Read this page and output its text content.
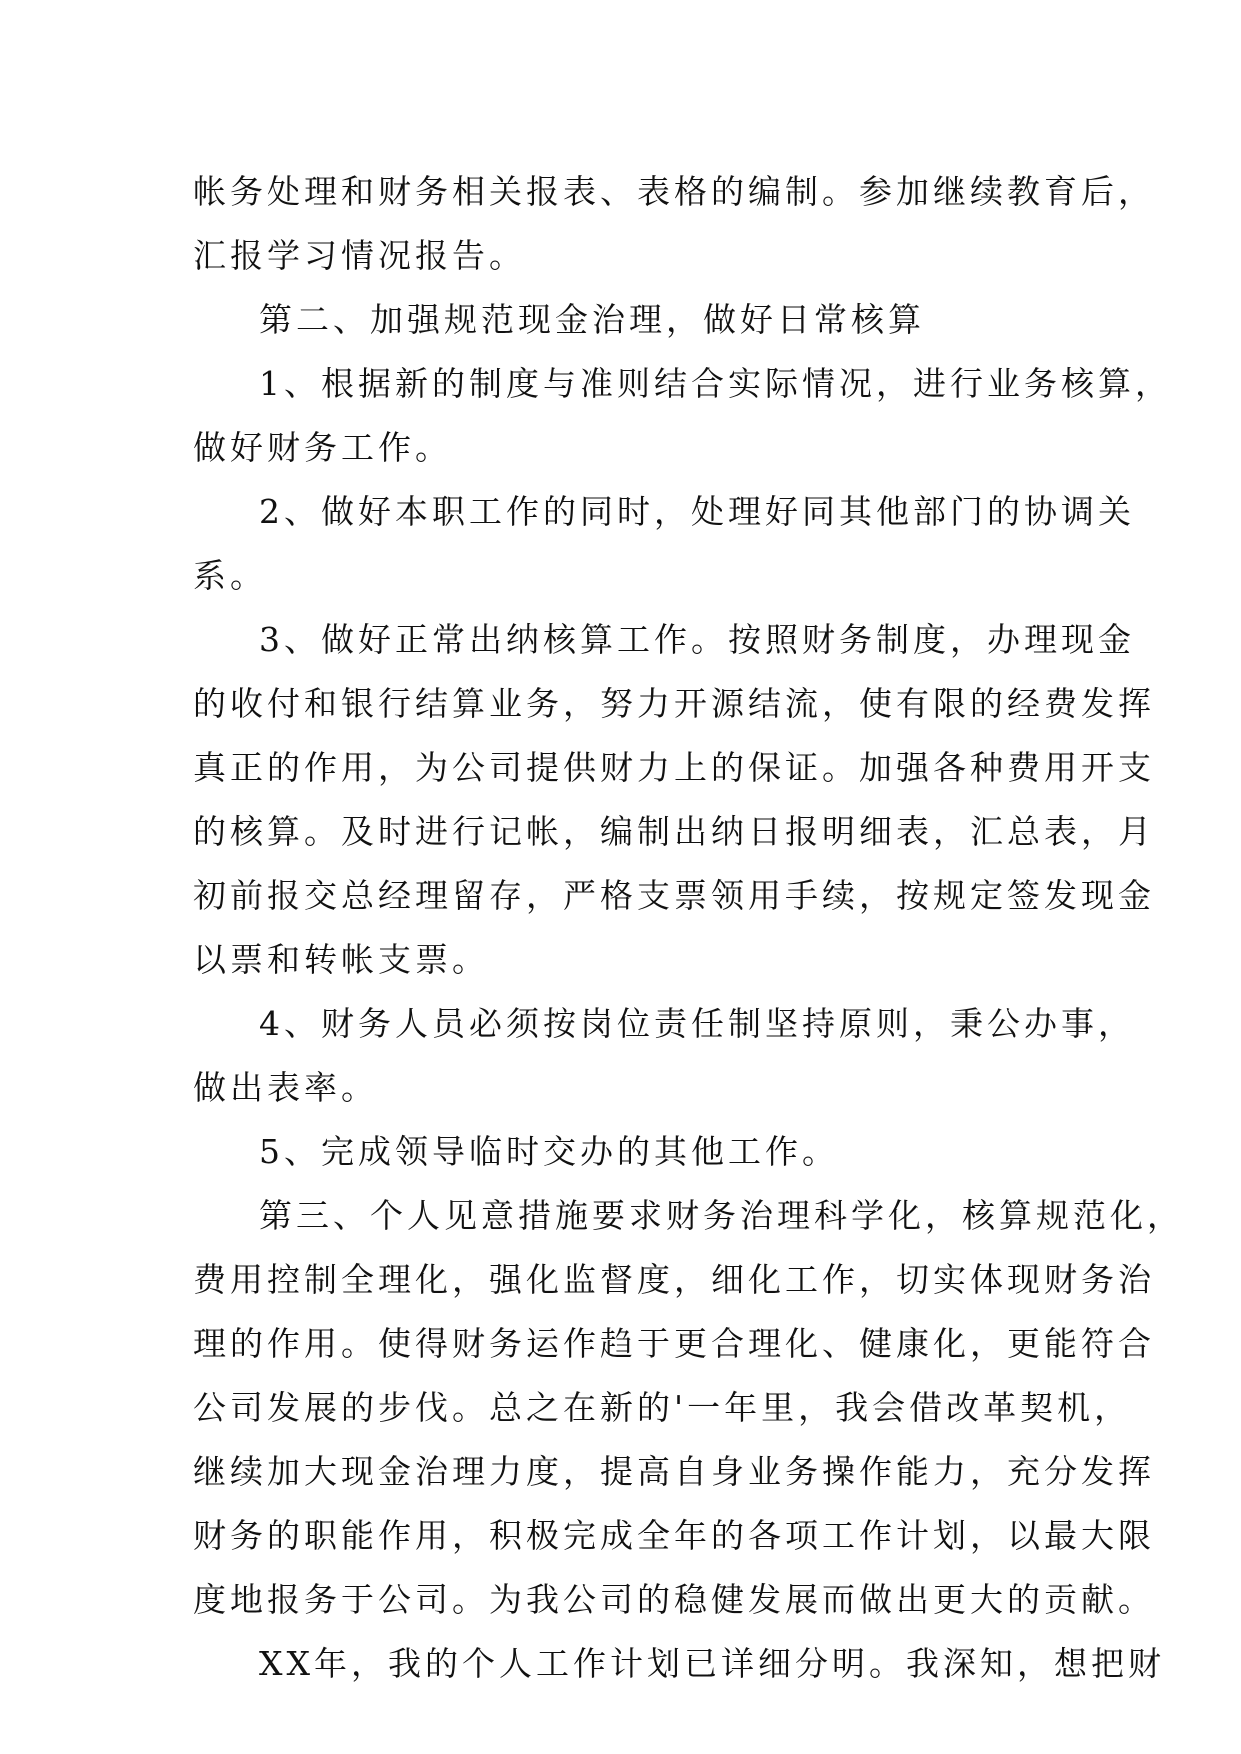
帐务处理和财务相关报表、表格的编制。参加继续教育后，
汇报学习情况报告。
第二、加强规范现金治理，做好日常核算
1、根据新的制度与准则结合实际情况，进行业务核算，
做好财务工作。
2、做好本职工作的同时，处理好同其他部门的协调关
系。
3、做好正常出纳核算工作。按照财务制度，办理现金
的收付和银行结算业务，努力开源结流，使有限的经费发挥
真正的作用，为公司提供财力上的保证。加强各种费用开支
的核算。及时进行记帐，编制出纳日报明细表，汇总表，月
初前报交总经理留存，严格支票领用手续，按规定签发现金
以票和转帐支票。
4、财务人员必须按岗位责任制坚持原则，秉公办事，
做出表率。
5、完成领导临时交办的其他工作。
第三、个人见意措施要求财务治理科学化，核算规范化，
费用控制全理化，强化监督度，细化工作，切实体现财务治
理的作用。使得财务运作趋于更合理化、健康化，更能符合
公司发展的步伐。总之在新的'一年里，我会借改革契机，
继续加大现金治理力度，提高自身业务操作能力，充分发挥
财务的职能作用，积极完成全年的各项工作计划，以最大限
度地报务于公司。为我公司的稳健发展而做出更大的贡献。
XX年，我的个人工作计划已详细分明。我深知，想把财
